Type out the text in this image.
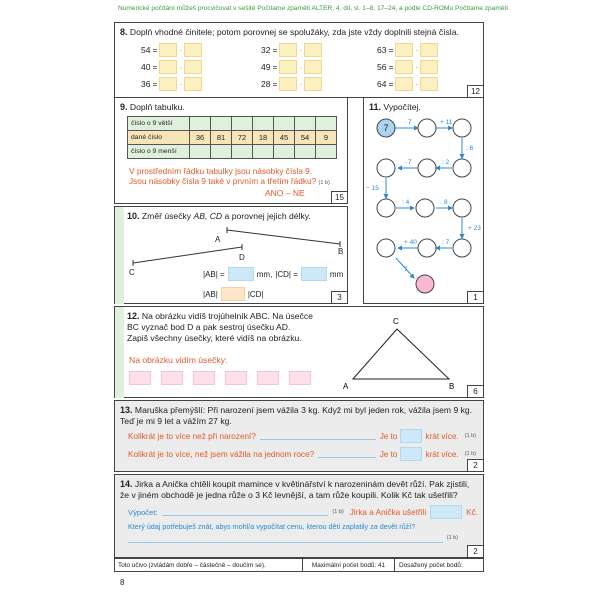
Numerické počítání můžeš procvičovat v sešitě Počítame zpaměti ALTER, 4. díl, sl. 1–8, 17–24, a podle CD-ROMu Počítame zpaměti
8. Doplň vhodné činitele; potom porovnej se spolužáky, zda jste vždy doplnili stejná čísla.
54 =	·	32 =	·	63 =	·
40 =	·	49 =	·	56 =	·
36 =	·	28 =	·	64 =	·
12
9. Doplň tabulku.
číslo o 9 větší							
dané číslo	36	81	72	18	45	54	9
číslo o 9 menší							
V prostředním řádku tabulky jsou násobky čísla 9.
Jsou násobky čísla 9 také v prvním a třetím řádku? (1 b)
ANO – NE	15
11. Vypočítej.
7
· 7	+ 11
: 6
· 7	: 2
− 15
: 4	· 8
+ 23
+ 40	: 7
· 7
1
10. Změř úsečky AB, CD a porovnej jejich délky.
A
B
C
D
|AB| =	mm, |CD| =	mm
|AB|	|CD|	3
12. Na obrázku vidíš trojúhelník ABC. Na úsečce
BC vyznač bod D a pak sestroj úsečku AD.
Zapiš všechny úsečky, které vidíš na obrázku.
Na obrázku vidím úsečky:
A
C
B
6
13. Maruška přemýšlí: Při narození jsem vážila 3 kg. Když mi byl jeden rok, vážila jsem 9 kg.
Teď je mi 9 let a vážím 27 kg.
Kolikrát je to více než při narození?	Je to	krát více. (1 b)
Kolikrát je to více, než jsem vážila na jednom roce?	Je to	krát více. (1 b)
2
14. Jirka a Anička chtěli koupit mamince v květinářství k narozeninám devět růží. Pak zjistili,
že v jiném obchodě je jedna růže o 3 Kč levnější, a tam růže koupili. Kolik Kč tak ušetřili?
Výpočet:	(1 b) Jirka a Anička ušetřili	Kč.
Který údaj potřebuješ znát, abys mohl/a vypočítat cenu, kterou děti zaplatily za devět růží?
(1 b)
2
Toto učivo (zvládám dobře – částečně – doučím se).	Maximální počet bodů: 41	Dosažený počet bodů:
8
